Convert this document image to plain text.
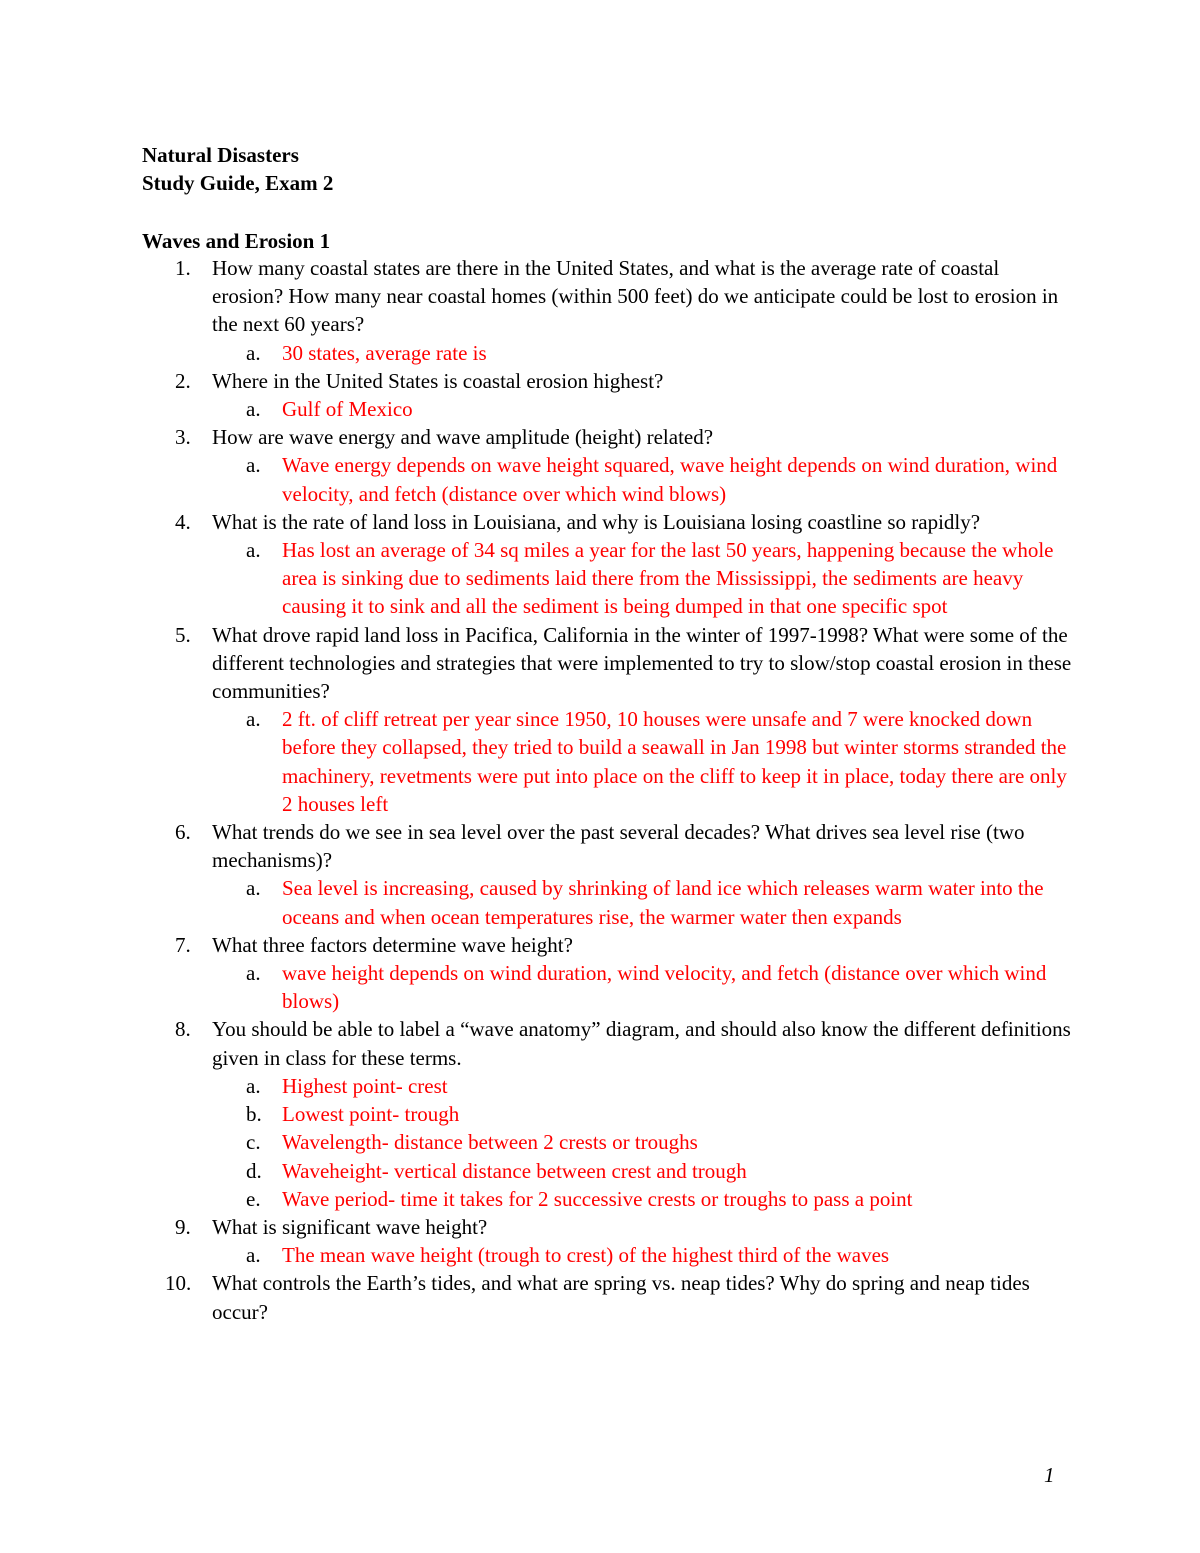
Natural Disasters
Study Guide, Exam 2
Waves and Erosion 1
1.	How many coastal states are there in the United States, and what is the average rate of coastal erosion? How many near coastal homes (within 500 feet) do we anticipate could be lost to erosion in the next 60 years?
a. 30 states, average rate is
2.	Where in the United States is coastal erosion highest?
a. Gulf of Mexico
3.	How are wave energy and wave amplitude (height) related?
a. Wave energy depends on wave height squared, wave height depends on wind duration, wind velocity, and fetch (distance over which wind blows)
4.	What is the rate of land loss in Louisiana, and why is Louisiana losing coastline so rapidly?
a. Has lost an average of 34 sq miles a year for the last 50 years, happening because the whole area is sinking due to sediments laid there from the Mississippi, the sediments are heavy causing it to sink and all the sediment is being dumped in that one specific spot
5.	What drove rapid land loss in Pacifica, California in the winter of 1997-1998? What were some of the different technologies and strategies that were implemented to try to slow/stop coastal erosion in these communities?
a. 2 ft. of cliff retreat per year since 1950, 10 houses were unsafe and 7 were knocked down before they collapsed, they tried to build a seawall in Jan 1998 but winter storms stranded the machinery, revetments were put into place on the cliff to keep it in place, today there are only 2 houses left
6.	What trends do we see in sea level over the past several decades? What drives sea level rise (two mechanisms)?
a. Sea level is increasing, caused by shrinking of land ice which releases warm water into the oceans and when ocean temperatures rise, the warmer water then expands
7.	What three factors determine wave height?
a. wave height depends on wind duration, wind velocity, and fetch (distance over which wind blows)
8.	You should be able to label a “wave anatomy” diagram, and should also know the different definitions given in class for these terms.
a. Highest point- crest
b. Lowest point- trough
c. Wavelength- distance between 2 crests or troughs
d. Waveheight- vertical distance between crest and trough
e. Wave period- time it takes for 2 successive crests or troughs to pass a point
9.	What is significant wave height?
a. The mean wave height (trough to crest) of the highest third of the waves
10. What controls the Earth’s tides, and what are spring vs. neap tides? Why do spring and neap tides occur?
1
